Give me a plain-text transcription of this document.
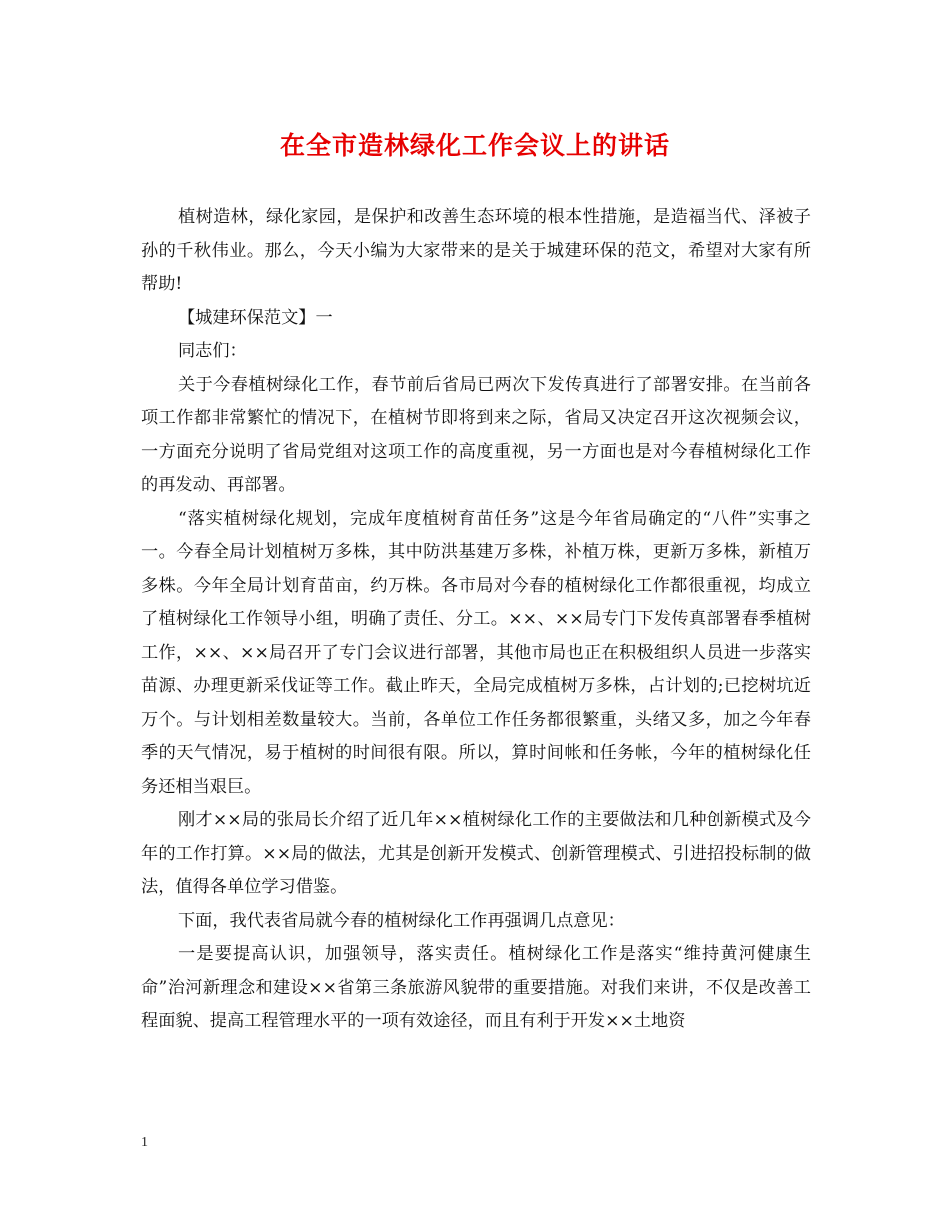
在全市造林绿化工作会议上的讲话

植树造林，绿化家园，是保护和改善生态环境的根本性措施，是造福当代、泽被子孙的千秋伟业。那么，今天小编为大家带来的是关于城建环保的范文，希望对大家有所帮助!

【城建环保范文】一

同志们：

关于今春植树绿化工作，春节前后省局已两次下发传真进行了部署安排。在当前各项工作都非常繁忙的情况下，在植树节即将到来之际，省局又决定召开这次视频会议，一方面充分说明了省局党组对这项工作的高度重视，另一方面也是对今春植树绿化工作的再发动、再部署。

“落实植树绿化规划，完成年度植树育苗任务”这是今年省局确定的“八件”实事之一。今春全局计划植树万多株，其中防洪基建万多株，补植万株，更新万多株，新植万多株。今年全局计划育苗亩，约万株。各市局对今春的植树绿化工作都很重视，均成立了植树绿化工作领导小组，明确了责任、分工。××、××局专门下发传真部署春季植树工作，××、××局召开了专门会议进行部署，其他市局也正在积极组织人员进一步落实苗源、办理更新采伐证等工作。截止昨天，全局完成植树万多株，占计划的;已挖树坑近万个。与计划相差数量较大。当前，各单位工作任务都很繁重，头绪又多，加之今年春季的天气情况，易于植树的时间很有限。所以，算时间帐和任务帐，今年的植树绿化任务还相当艰巨。

刚才××局的张局长介绍了近几年××植树绿化工作的主要做法和几种创新模式及今年的工作打算。××局的做法，尤其是创新开发模式、创新管理模式、引进招投标制的做法，值得各单位学习借鉴。

下面，我代表省局就今春的植树绿化工作再强调几点意见：

一是要提高认识，加强领导，落实责任。植树绿化工作是落实“维持黄河健康生命”治河新理念和建设××省第三条旅游风貌带的重要措施。对我们来讲，不仅是改善工程面貌、提高工程管理水平的一项有效途径，而且有利于开发××土地资

1
